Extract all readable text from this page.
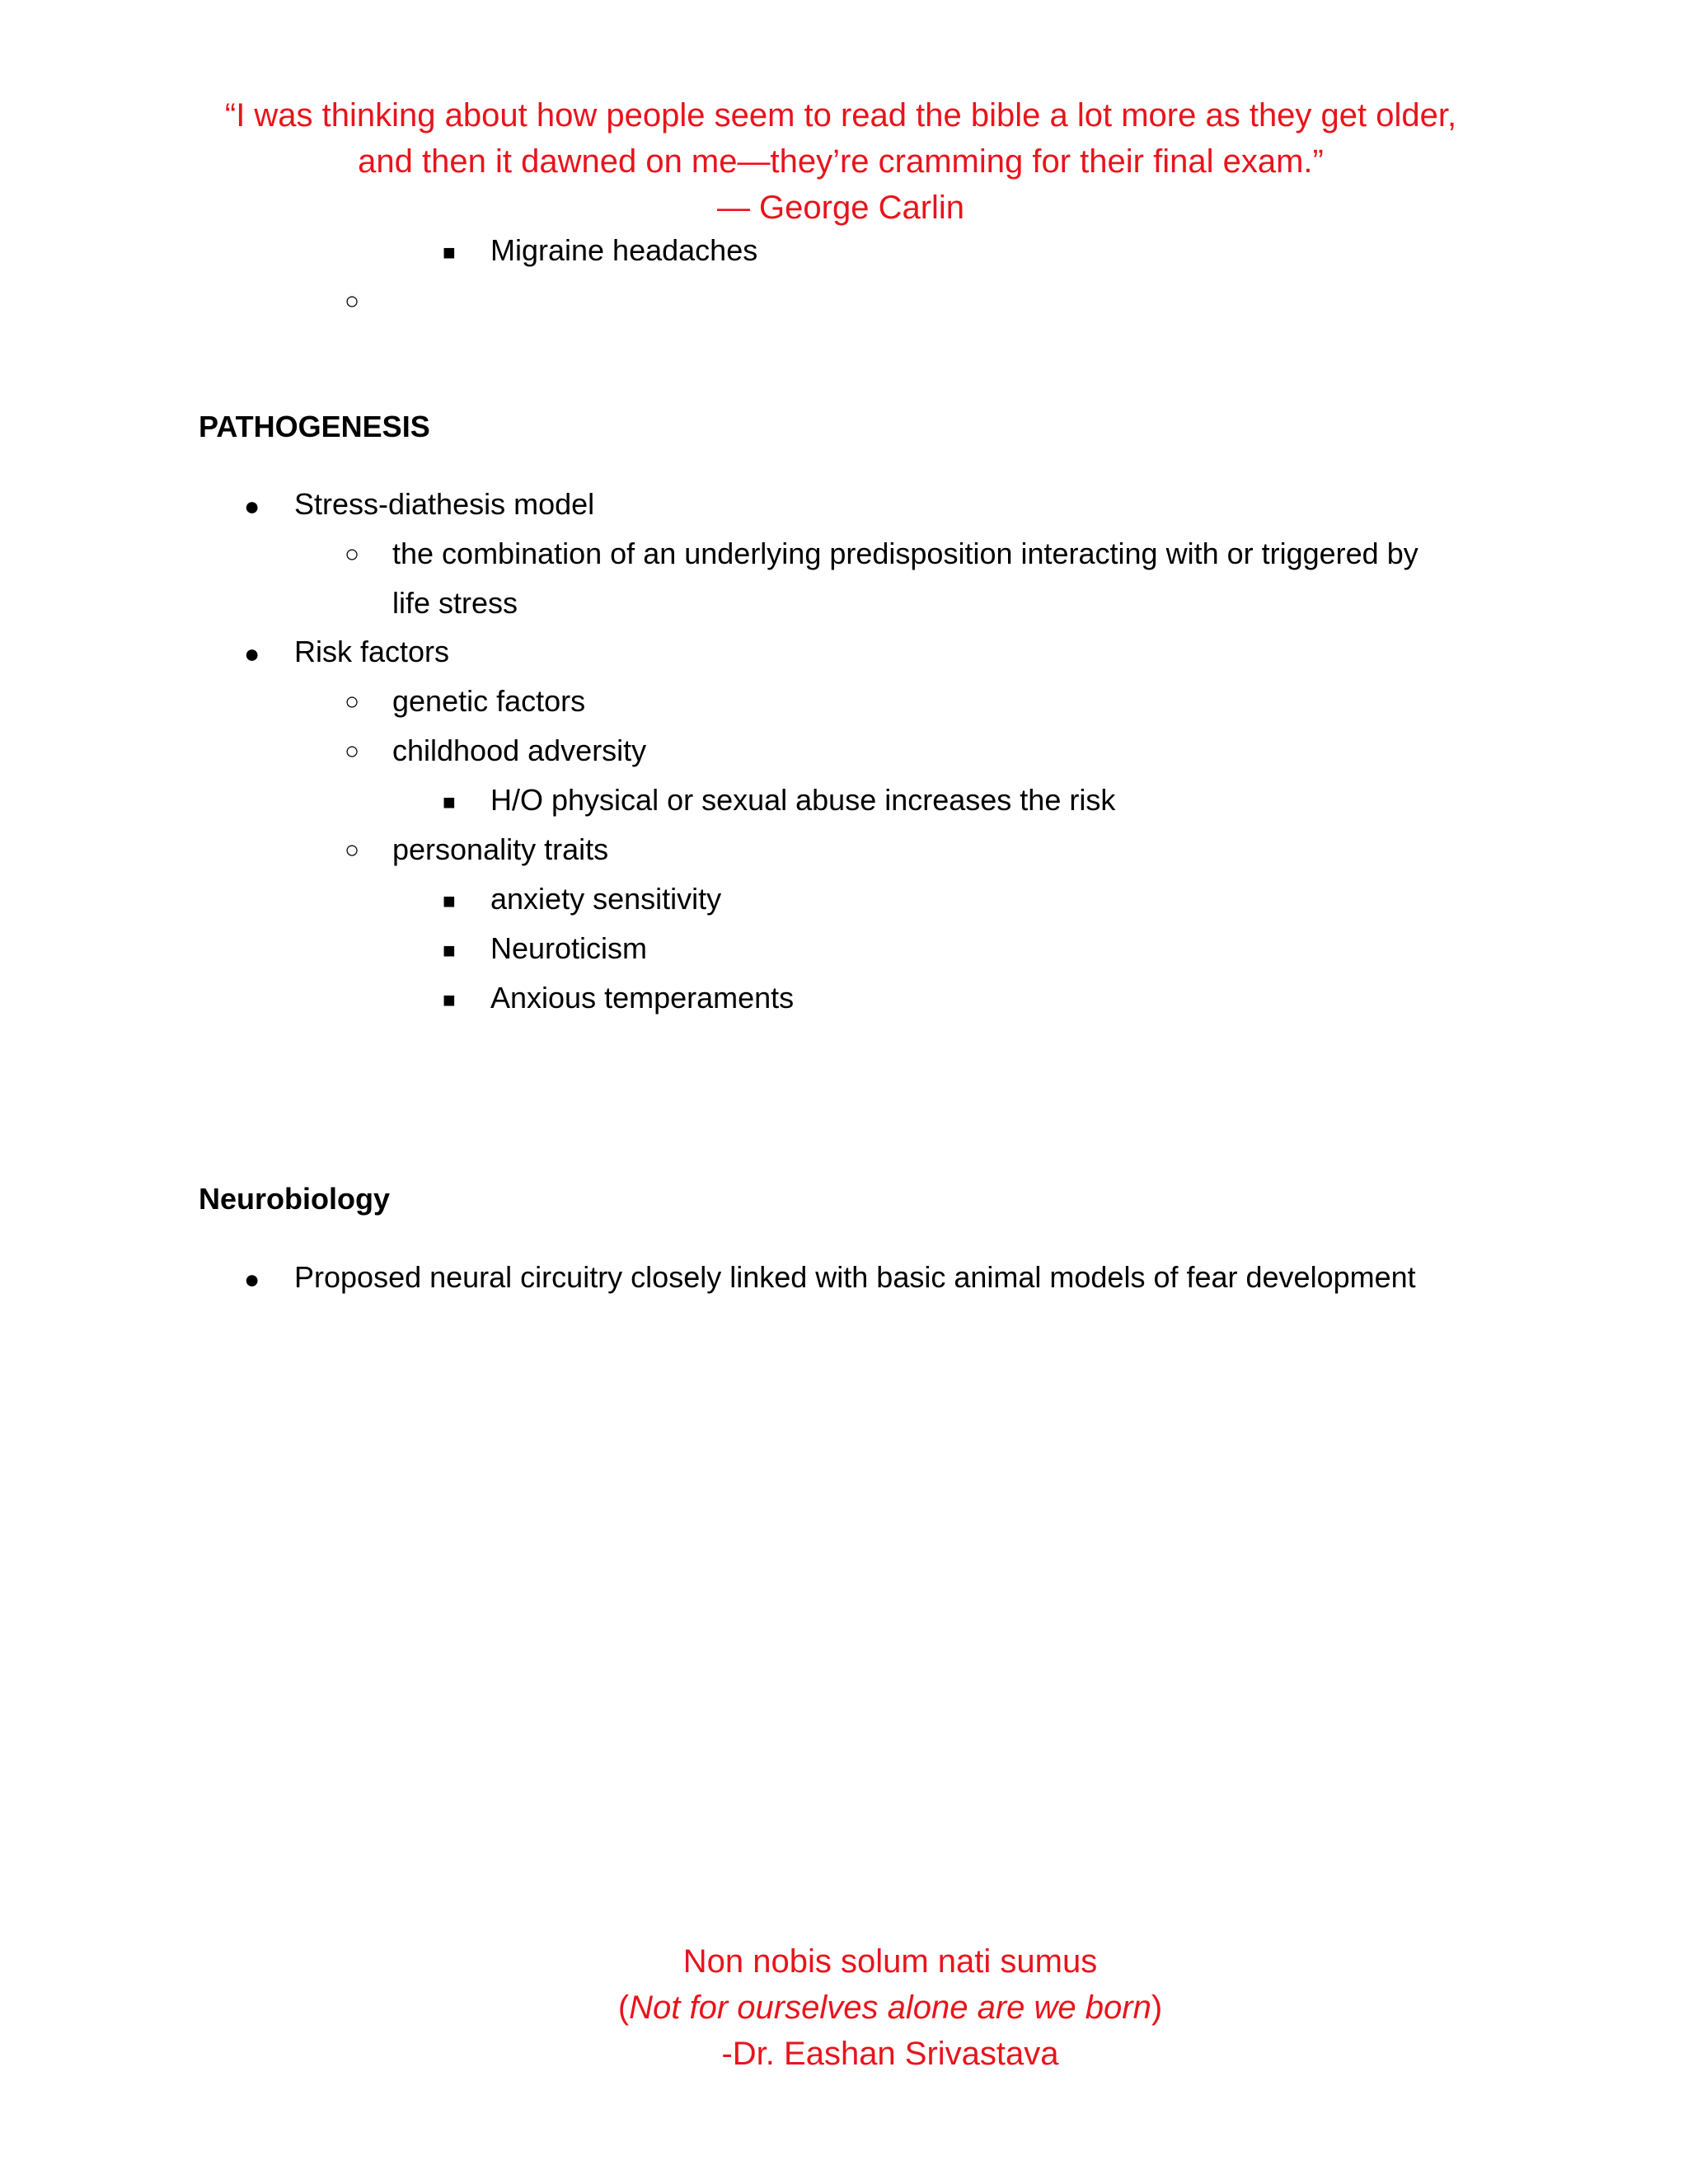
“I was thinking about how people seem to read the bible a lot more as they get older,
and then it dawned on me—they’re cramming for their final exam.”
— George Carlin
■ Migraine headaches
○
PATHOGENESIS
● Stress-diathesis model
○ the combination of an underlying predisposition interacting with or triggered by
life stress
● Risk factors
○ genetic factors
○ childhood adversity
■ H/O physical or sexual abuse increases the risk
○ personality traits
■ anxiety sensitivity
■ Neuroticism
■ Anxious temperaments
Neurobiology
● Proposed neural circuitry closely linked with basic animal models of fear development
Non nobis solum nati sumus
(Not for ourselves alone are we born)
-Dr. Eashan Srivastava
